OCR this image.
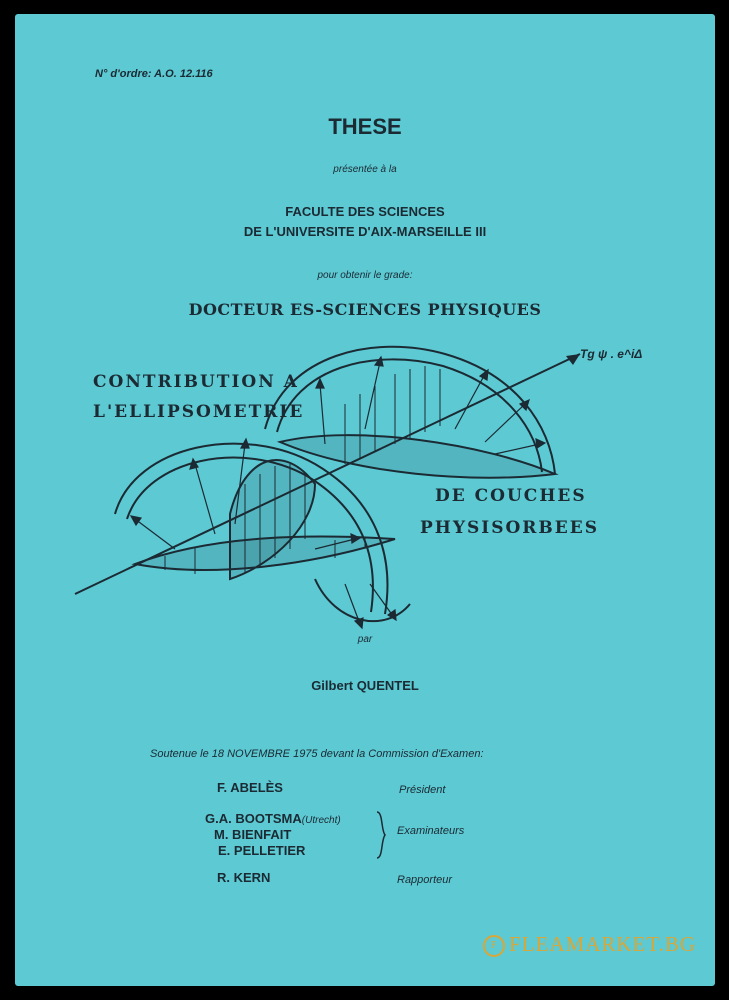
N° d'ordre: A.O. 12.116
THESE
présentée à la
FACULTE DES SCIENCES
DE L'UNIVERSITE D'AIX-MARSEILLE III
pour obtenir le grade:
DOCTEUR ES-SCIENCES PHYSIQUES
Tg ψ . e^iΔ
CONTRIBUTION A
L'ELLIPSOMETRIE
DE COUCHES
PHYSISORBEES
par
Gilbert QUENTEL
Soutenue le 18 NOVEMBRE 1975 devant la Commission d'Examen:
F. ABELÈS	Président
G.A. BOOTSMA(Utrecht)
M. BIENFAIT
E. PELLETIER
Examinateurs
R. KERN	Rapporteur
F FLEAMARKET.BG
